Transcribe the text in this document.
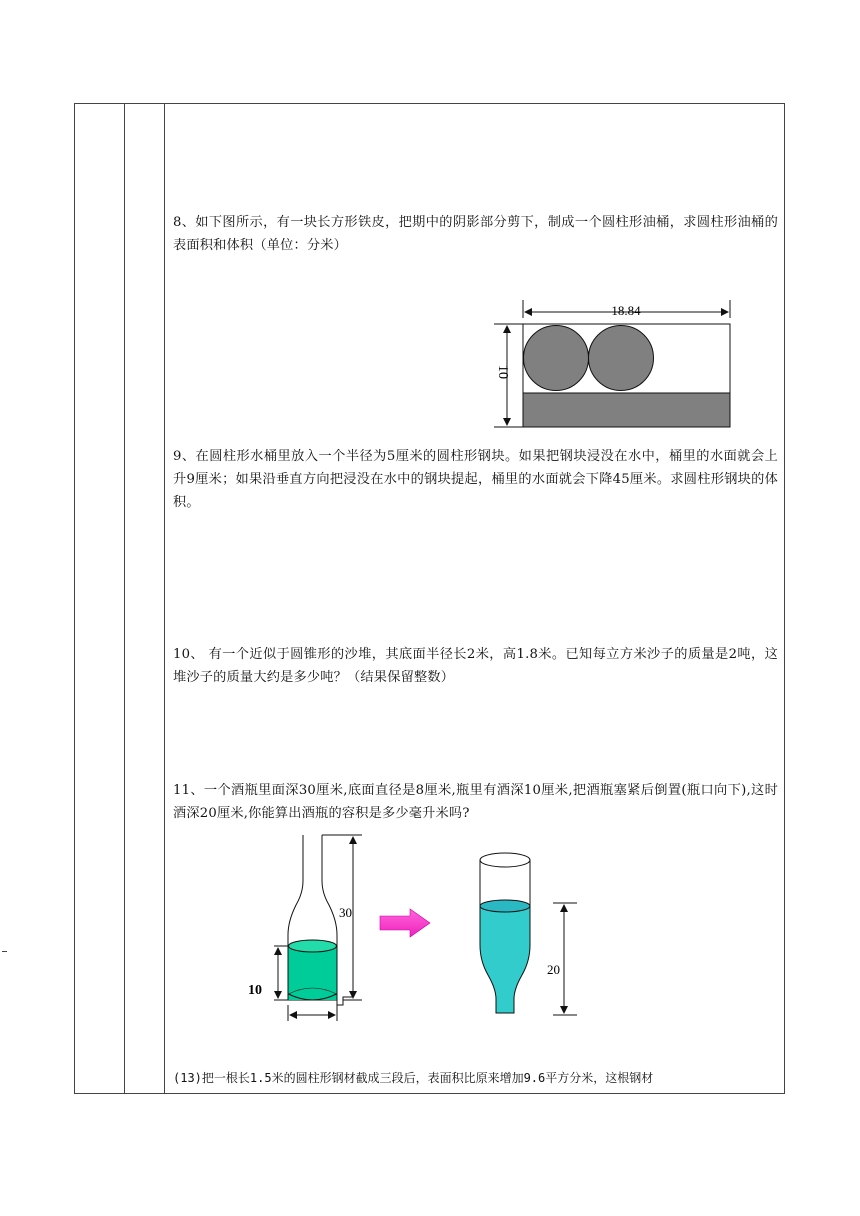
8、如下图所示，有一块长方形铁皮，把期中的阴影部分剪下，制成一个圆柱形油桶，求圆柱形油桶的表面积和体积（单位：分米）
18.84
10
9、在圆柱形水桶里放入一个半径为5厘米的圆柱形钢块。如果把钢块浸没在水中，桶里的水面就会上升9厘米；如果沿垂直方向把浸没在水中的钢块提起，桶里的水面就会下降45厘米。求圆柱形钢块的体积。
10、 有一个近似于圆锥形的沙堆，其底面半径长2米，高1.8米。已知每立方米沙子的质量是2吨，这堆沙子的质量大约是多少吨？（结果保留整数）
11、一个酒瓶里面深30厘米,底面直径是8厘米,瓶里有酒深10厘米,把酒瓶塞紧后倒置(瓶口向下),这时酒深20厘米,你能算出酒瓶的容积是多少毫升米吗?
30
10
20
(13)把一根长1.5米的圆柱形钢材截成三段后，表面积比原来增加9.6平方分米，这根钢材
